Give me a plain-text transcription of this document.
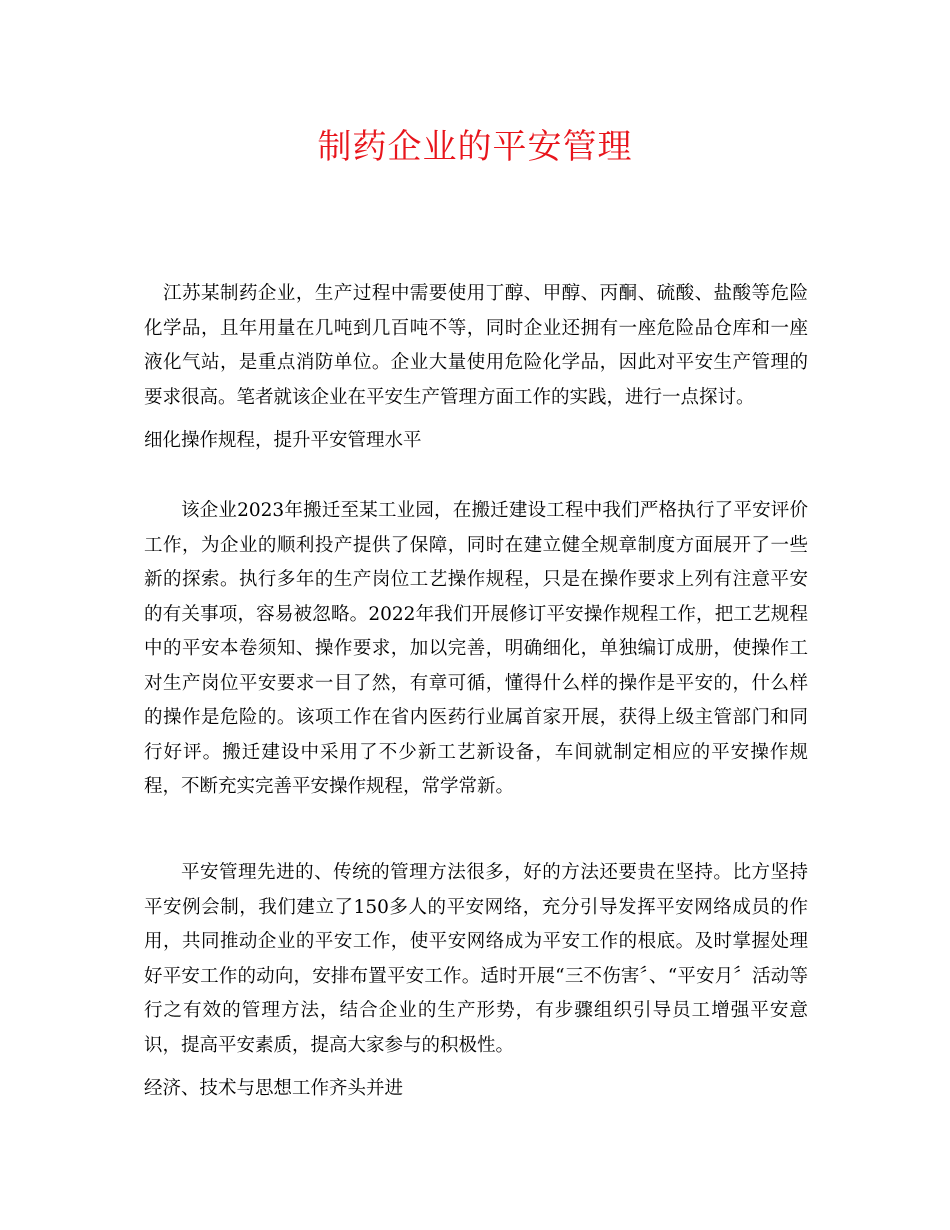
制药企业的平安管理

江苏某制药企业，生产过程中需要使用丁醇、甲醇、丙酮、硫酸、盐酸等危险化学品，且年用量在几吨到几百吨不等，同时企业还拥有一座危险品仓库和一座液化气站，是重点消防单位。企业大量使用危险化学品，因此对平安生产管理的要求很高。笔者就该企业在平安生产管理方面工作的实践，进行一点探讨。

细化操作规程，提升平安管理水平

该企业2023年搬迁至某工业园，在搬迁建设工程中我们严格执行了平安评价工作，为企业的顺利投产提供了保障，同时在建立健全规章制度方面展开了一些新的探索。执行多年的生产岗位工艺操作规程，只是在操作要求上列有注意平安的有关事项，容易被忽略。2022年我们开展修订平安操作规程工作，把工艺规程中的平安本卷须知、操作要求，加以完善，明确细化，单独编订成册，使操作工对生产岗位平安要求一目了然，有章可循，懂得什么样的操作是平安的，什么样的操作是危险的。该项工作在省内医药行业属首家开展，获得上级主管部门和同行好评。搬迁建设中采用了不少新工艺新设备，车间就制定相应的平安操作规程，不断充实完善平安操作规程，常学常新。

平安管理先进的、传统的管理方法很多，好的方法还要贵在坚持。比方坚持平安例会制，我们建立了150多人的平安网络，充分引导发挥平安网络成员的作用，共同推动企业的平安工作，使平安网络成为平安工作的根底。及时掌握处理好平安工作的动向，安排布置平安工作。适时开展“三不伤害〞、“平安月〞活动等行之有效的管理方法，结合企业的生产形势，有步骤组织引导员工增强平安意识，提高平安素质，提高大家参与的积极性。

经济、技术与思想工作齐头并进
